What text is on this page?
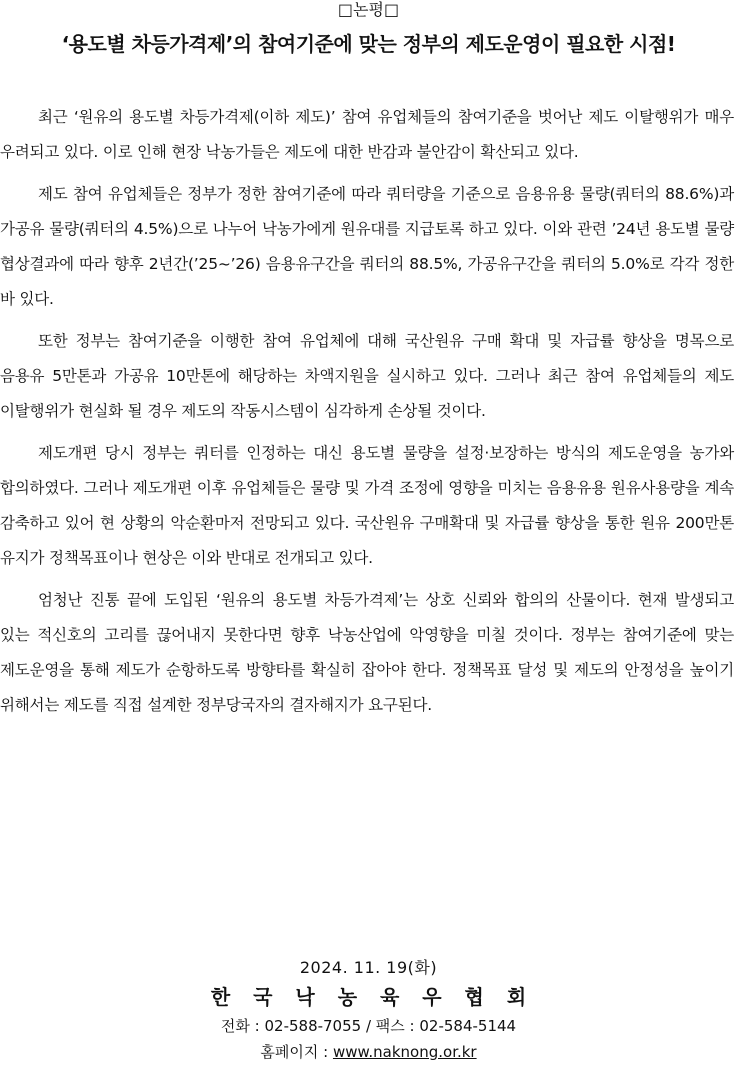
□논평□
‘용도별 차등가격제’의 참여기준에 맞는 정부의 제도운영이 필요한 시점!

최근 ‘원유의 용도별 차등가격제(이하 제도)’ 참여 유업체들의 참여기준을 벗어난 제도 이탈행위가 매우 우려되고 있다. 이로 인해 현장 낙농가들은 제도에 대한 반감과 불안감이 확산되고 있다.

제도 참여 유업체들은 정부가 정한 참여기준에 따라 쿼터량을 기준으로 음용유용 물량(쿼터의 88.6%)과 가공유 물량(쿼터의 4.5%)으로 나누어 낙농가에게 원유대를 지급토록 하고 있다. 이와 관련 ’24년 용도별 물량 협상결과에 따라 향후 2년간(’25~’26) 음용유구간을 쿼터의 88.5%, 가공유구간을 쿼터의 5.0%로 각각 정한 바 있다.

또한 정부는 참여기준을 이행한 참여 유업체에 대해 국산원유 구매 확대 및 자급률 향상을 명목으로 음용유 5만톤과 가공유 10만톤에 해당하는 차액지원을 실시하고 있다. 그러나 최근 참여 유업체들의 제도 이탈행위가 현실화 될 경우 제도의 작동시스템이 심각하게 손상될 것이다.

제도개편 당시 정부는 쿼터를 인정하는 대신 용도별 물량을 설정·보장하는 방식의 제도운영을 농가와 합의하였다. 그러나 제도개편 이후 유업체들은 물량 및 가격 조정에 영향을 미치는 음용유용 원유사용량을 계속 감축하고 있어 현 상황의 악순환마저 전망되고 있다. 국산원유 구매확대 및 자급률 향상을 통한 원유 200만톤 유지가 정책목표이나 현상은 이와 반대로 전개되고 있다.

엄청난 진통 끝에 도입된 ‘원유의 용도별 차등가격제’는 상호 신뢰와 합의의 산물이다. 현재 발생되고 있는 적신호의 고리를 끊어내지 못한다면 향후 낙농산업에 악영향을 미칠 것이다. 정부는 참여기준에 맞는 제도운영을 통해 제도가 순항하도록 방향타를 확실히 잡아야 한다. 정책목표 달성 및 제도의 안정성을 높이기 위해서는 제도를 직접 설계한 정부당국자의 결자해지가 요구된다.

2024. 11. 19(화)
한 국 낙 농 육 우 협 회
전화 : 02-588-7055 / 팩스 : 02-584-5144
홈페이지 : www.naknong.or.kr
